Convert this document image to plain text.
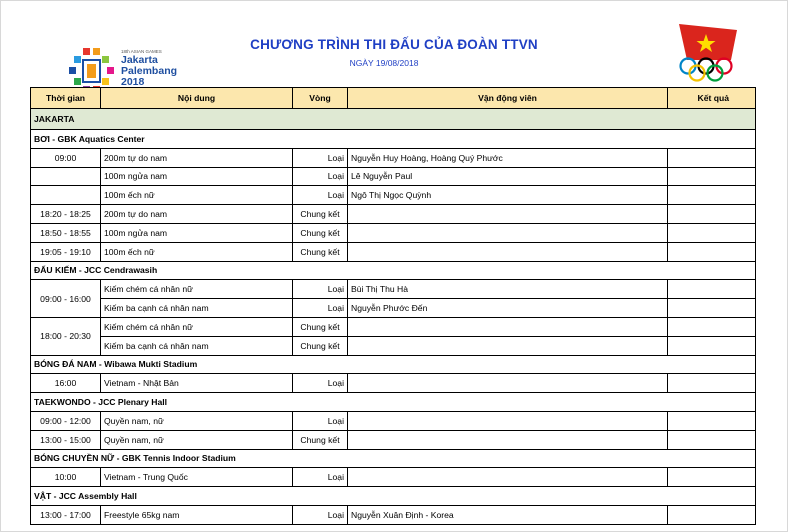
18th ASIAN GAMES
Jakarta
Palembang
2018
CHƯƠNG TRÌNH THI ĐẤU CỦA ĐOÀN TTVN
NGÀY 19/08/2018
Thời gian	Nội dung	Vòng	Vận động viên	Kết quả
JAKARTA				
BƠI - GBK Aquatics Center				
09:00	200m tự do nam	Loại	Nguyễn Huy Hoàng, Hoàng Quý Phước	
	100m ngửa nam	Loại	Lê Nguyễn Paul	
	100m ếch nữ	Loại	Ngô Thị Ngọc Quỳnh	
18:20 - 18:25	200m tự do nam	Chung kết		
18:50 - 18:55	100m ngửa nam	Chung kết		
19:05 - 19:10	100m ếch nữ	Chung kết		
ĐẤU KIẾM - JCC Cendrawasih				
09:00 - 16:00	Kiếm chém cá nhân nữ	Loại	Bùi Thị Thu Hà	
	Kiếm ba cạnh cá nhân nam	Loại	Nguyễn Phước Đến	
18:00 - 20:30	Kiếm chém cá nhân nữ	Chung kết		
	Kiếm ba cạnh cá nhân nam	Chung kết		
BÓNG ĐÁ NAM - Wibawa Mukti Stadium				
16:00	Vietnam - Nhật Bản	Loại		
TAEKWONDO - JCC Plenary Hall				
09:00 - 12:00	Quyền nam, nữ	Loại		
13:00 - 15:00	Quyền nam, nữ	Chung kết		
BÓNG CHUYỀN NỮ - GBK Tennis Indoor Stadium				
10:00	Vietnam - Trung Quốc	Loại		
VẬT - JCC Assembly Hall				
13:00 - 17:00	Freestyle 65kg nam	Loại	Nguyễn Xuân Định - Korea	
